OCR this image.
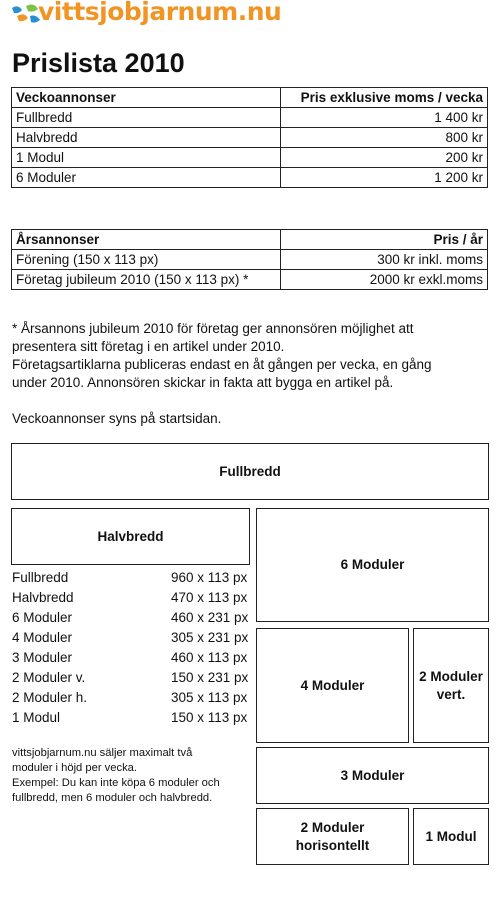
vittsjobjarnum.nu
Prislista 2010
Veckoannonser	Pris exklusive moms / vecka
Fullbredd	1 400 kr
Halvbredd	800 kr
1 Modul	200 kr
6 Moduler	1 200 kr
Årsannonser	Pris / år
Förening (150 x 113 px)	300 kr inkl. moms
Företag jubileum 2010 (150 x 113 px) *	2000 kr exkl.moms
* Årsannons jubileum 2010 för företag ger annonsören möjlighet att
presentera sitt företag i en artikel under 2010.
Företagsartiklarna publiceras endast en åt gången per vecka, en gång
under 2010. Annonsören skickar in fakta att bygga en artikel på.
Veckoannonser syns på startsidan.
Fullbredd
Halvbredd
6 Moduler
4 Moduler
2 Moduler
vert.
3 Moduler
2 Moduler
horisontellt
1 Modul
Fullbredd	960 x 113 px
Halvbredd	470 x 113 px
6 Moduler	460 x 231 px
4 Moduler	305 x 231 px
3 Moduler	460 x 113 px
2 Moduler v.	150 x 231 px
2 Moduler h.	305 x 113 px
1 Modul	150 x 113 px
vittsjobjarnum.nu säljer maximalt två
moduler i höjd per vecka.
Exempel: Du kan inte köpa 6 moduler och
fullbredd, men 6 moduler och halvbredd.
